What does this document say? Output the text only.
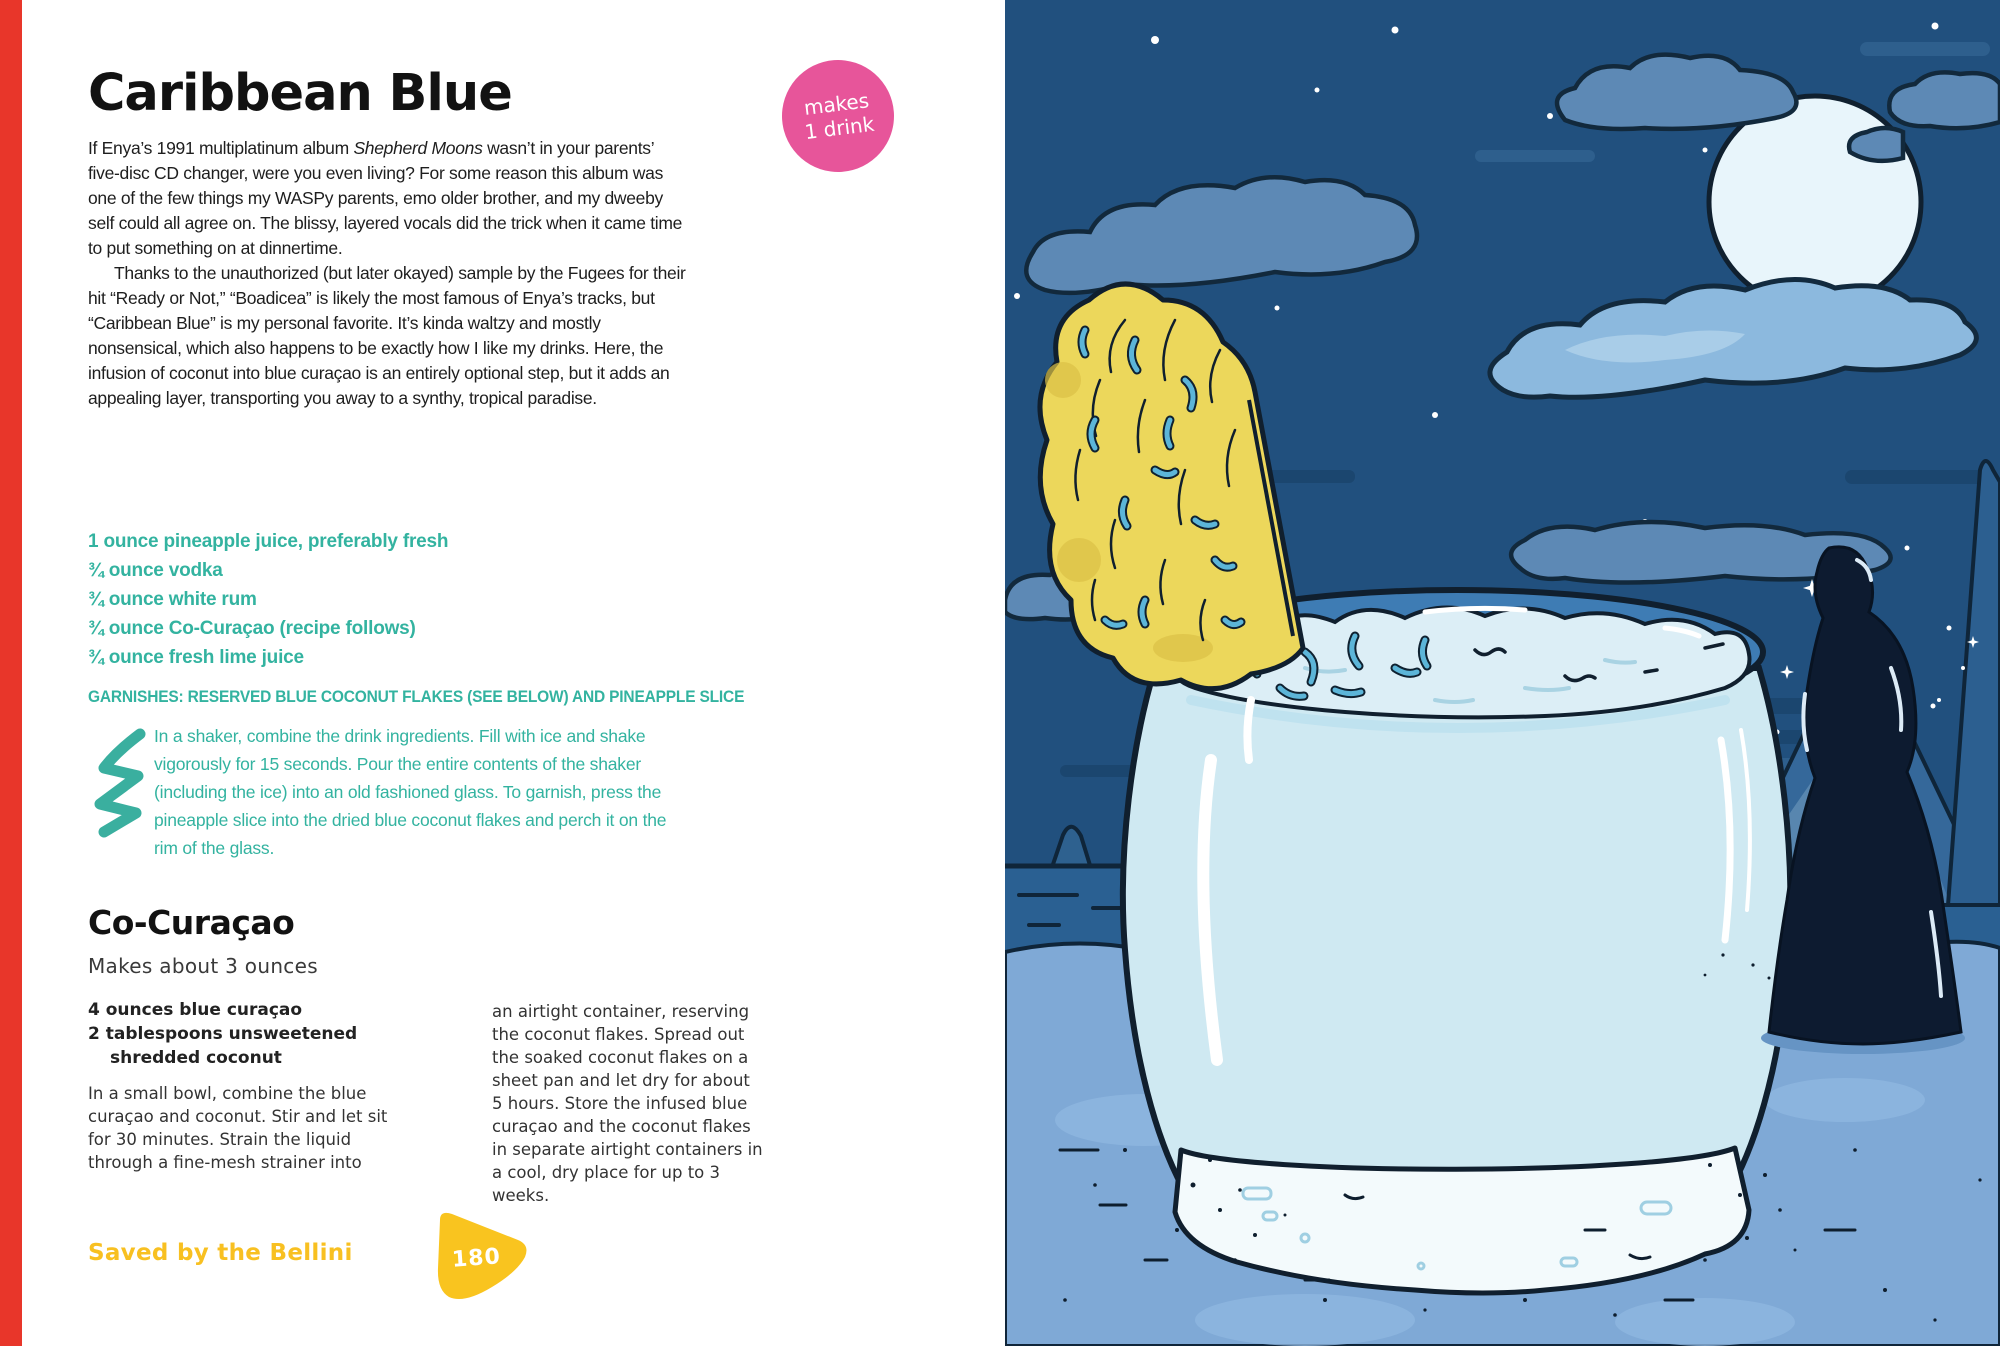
Caribbean Blue	makes
1 drink

If Enya’s 1991 multiplatinum album Shepherd Moons wasn’t in your parents’ five-disc CD changer, were you even living? For some reason this album was one of the few things my WASPy parents, emo older brother, and my dweeby self could all agree on. The blissy, layered vocals did the trick when it came time to put something on at dinnertime.

Thanks to the unauthorized (but later okayed) sample by the Fugees for their hit “Ready or Not,” “Boadicea” is likely the most famous of Enya’s tracks, but “Caribbean Blue” is my personal favorite. It’s kinda waltzy and mostly nonsensical, which also happens to be exactly how I like my drinks. Here, the infusion of coconut into blue curaçao is an entirely optional step, but it adds an appealing layer, transporting you away to a synthy, tropical paradise.

1 ounce pineapple juice, preferably fresh
¾ ounce vodka
¾ ounce white rum
¾ ounce Co-Curaçao (recipe follows)
¾ ounce fresh lime juice
GARNISHES: RESERVED BLUE COCONUT FLAKES (SEE BELOW) AND PINEAPPLE SLICE
In a shaker, combine the drink ingredients. Fill with ice and shake vigorously for 15 seconds. Pour the entire contents of the shaker (including the ice) into an old fashioned glass. To garnish, press the pineapple slice into the dried blue coconut flakes and perch it on the rim of the glass.
Co-Curaçao
Makes about 3 ounces
4 ounces blue curaçao
2 tablespoons unsweetened shredded coconut
In a small bowl, combine the blue curaçao and coconut. Stir and let sit for 30 minutes. Strain the liquid through a fine-mesh strainer into
an airtight container, reserving the coconut flakes. Spread out the soaked coconut flakes on a sheet pan and let dry for about 5 hours. Store the infused blue curaçao and the coconut flakes in separate airtight containers in a cool, dry place for up to 3 weeks.
Saved by the Bellini	180
